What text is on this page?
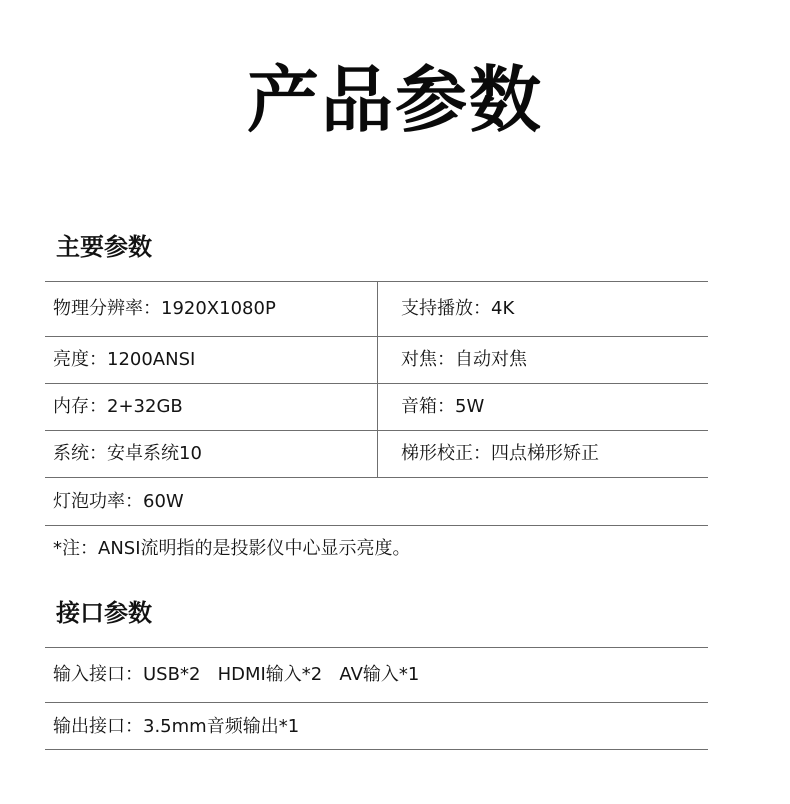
产品参数
主要参数
物理分辨率：1920X1080P	支持播放：4K
亮度：1200ANSI	对焦：自动对焦
内存：2+32GB	音箱：5W
系统：安卓系统10	梯形校正：四点梯形矫正
灯泡功率：60W
*注：ANSI流明指的是投影仪中心显示亮度。
接口参数
输入接口：USB*2   HDMI输入*2   AV输入*1
输出接口：3.5mm音频输出*1
